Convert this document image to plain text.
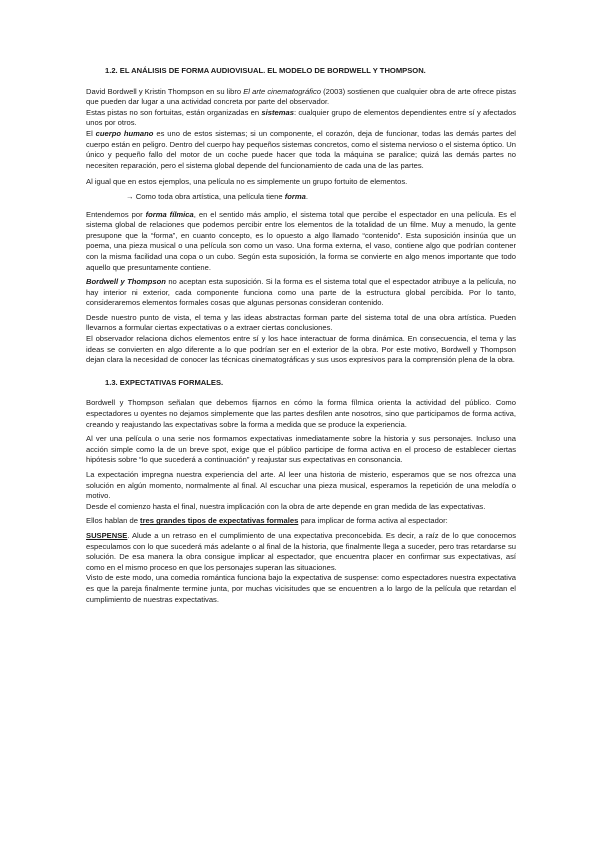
1.2. EL ANÁLISIS DE FORMA AUDIOVISUAL. EL MODELO DE BORDWELL Y THOMPSON.
David Bordwell y Kristin Thompson en su libro El arte cinematográfico (2003) sostienen que cualquier obra de arte ofrece pistas que pueden dar lugar a una actividad concreta por parte del observador.
Estas pistas no son fortuitas, están organizadas en sistemas: cualquier grupo de elementos dependientes entre sí y afectados unos por otros.
El cuerpo humano es uno de estos sistemas; si un componente, el corazón, deja de funcionar, todas las demás partes del cuerpo están en peligro. Dentro del cuerpo hay pequeños sistemas concretos, como el sistema nervioso o el sistema óptico. Un único y pequeño fallo del motor de un coche puede hacer que toda la máquina se paralice; quizá las demás partes no necesiten reparación, pero el sistema global depende del funcionamiento de cada una de las partes.
Al igual que en estos ejemplos, una película no es simplemente un grupo fortuito de elementos.
→ Como toda obra artística, una película tiene forma.
Entendemos por forma fílmica, en el sentido más amplio, el sistema total que percibe el espectador en una película. Es el sistema global de relaciones que podemos percibir entre los elementos de la totalidad de un filme. Muy a menudo, la gente presupone que la “forma”, en cuanto concepto, es lo opuesto a algo llamado “contenido”. Esta suposición insinúa que un poema, una pieza musical o una película son como un vaso. Una forma externa, el vaso, contiene algo que podrían contener con la misma facilidad una copa o un cubo. Según esta suposición, la forma se convierte en algo menos importante que todo aquello que presuntamente contiene.
Bordwell y Thompson no aceptan esta suposición. Si la forma es el sistema total que el espectador atribuye a la película, no hay interior ni exterior, cada componente funciona como una parte de la estructura global percibida. Por lo tanto, consideraremos elementos formales cosas que algunas personas consideran contenido.
Desde nuestro punto de vista, el tema y las ideas abstractas forman parte del sistema total de una obra artística. Pueden llevarnos a formular ciertas expectativas o a extraer ciertas conclusiones.
El observador relaciona dichos elementos entre sí y los hace interactuar de forma dinámica. En consecuencia, el tema y las ideas se convierten en algo diferente a lo que podrían ser en el exterior de la obra. Por este motivo, Bordwell y Thompson dejan clara la necesidad de conocer las técnicas cinematográficas y sus usos expresivos para la comprensión plena de la obra.
1.3. EXPECTATIVAS FORMALES.
Bordwell y Thompson señalan que debemos fijarnos en cómo la forma fílmica orienta la actividad del público. Como espectadores u oyentes no dejamos simplemente que las partes desfilen ante nosotros, sino que participamos de forma activa, creando y reajustando las expectativas sobre la forma a medida que se produce la experiencia.
Al ver una película o una serie nos formamos expectativas inmediatamente sobre la historia y sus personajes. Incluso una acción simple como la de un breve spot, exige que el público participe de forma activa en el proceso de establecer ciertas hipótesis sobre “lo que sucederá a continuación” y reajustar sus expectativas en consonancia.
La expectación impregna nuestra experiencia del arte. Al leer una historia de misterio, esperamos que se nos ofrezca una solución en algún momento, normalmente al final. Al escuchar una pieza musical, esperamos la repetición de una melodía o motivo.
Desde el comienzo hasta el final, nuestra implicación con la obra de arte depende en gran medida de las expectativas.
Ellos hablan de tres grandes tipos de expectativas formales para implicar de forma activa al espectador:
SUSPENSE. Alude a un retraso en el cumplimiento de una expectativa preconcebida. Es decir, a raíz de lo que conocemos especulamos con lo que sucederá más adelante o al final de la historia, que finalmente llega a suceder, pero tras retardarse su solución. De esa manera la obra consigue implicar al espectador, que encuentra placer en confirmar sus expectativas, así como en el mismo proceso en que los personajes superan las situaciones.
Visto de este modo, una comedia romántica funciona bajo la expectativa de suspense: como espectadores nuestra expectativa es que la pareja finalmente termine junta, por muchas vicisitudes que se encuentren a lo largo de la película que retardan el cumplimiento de nuestras expectativas.
